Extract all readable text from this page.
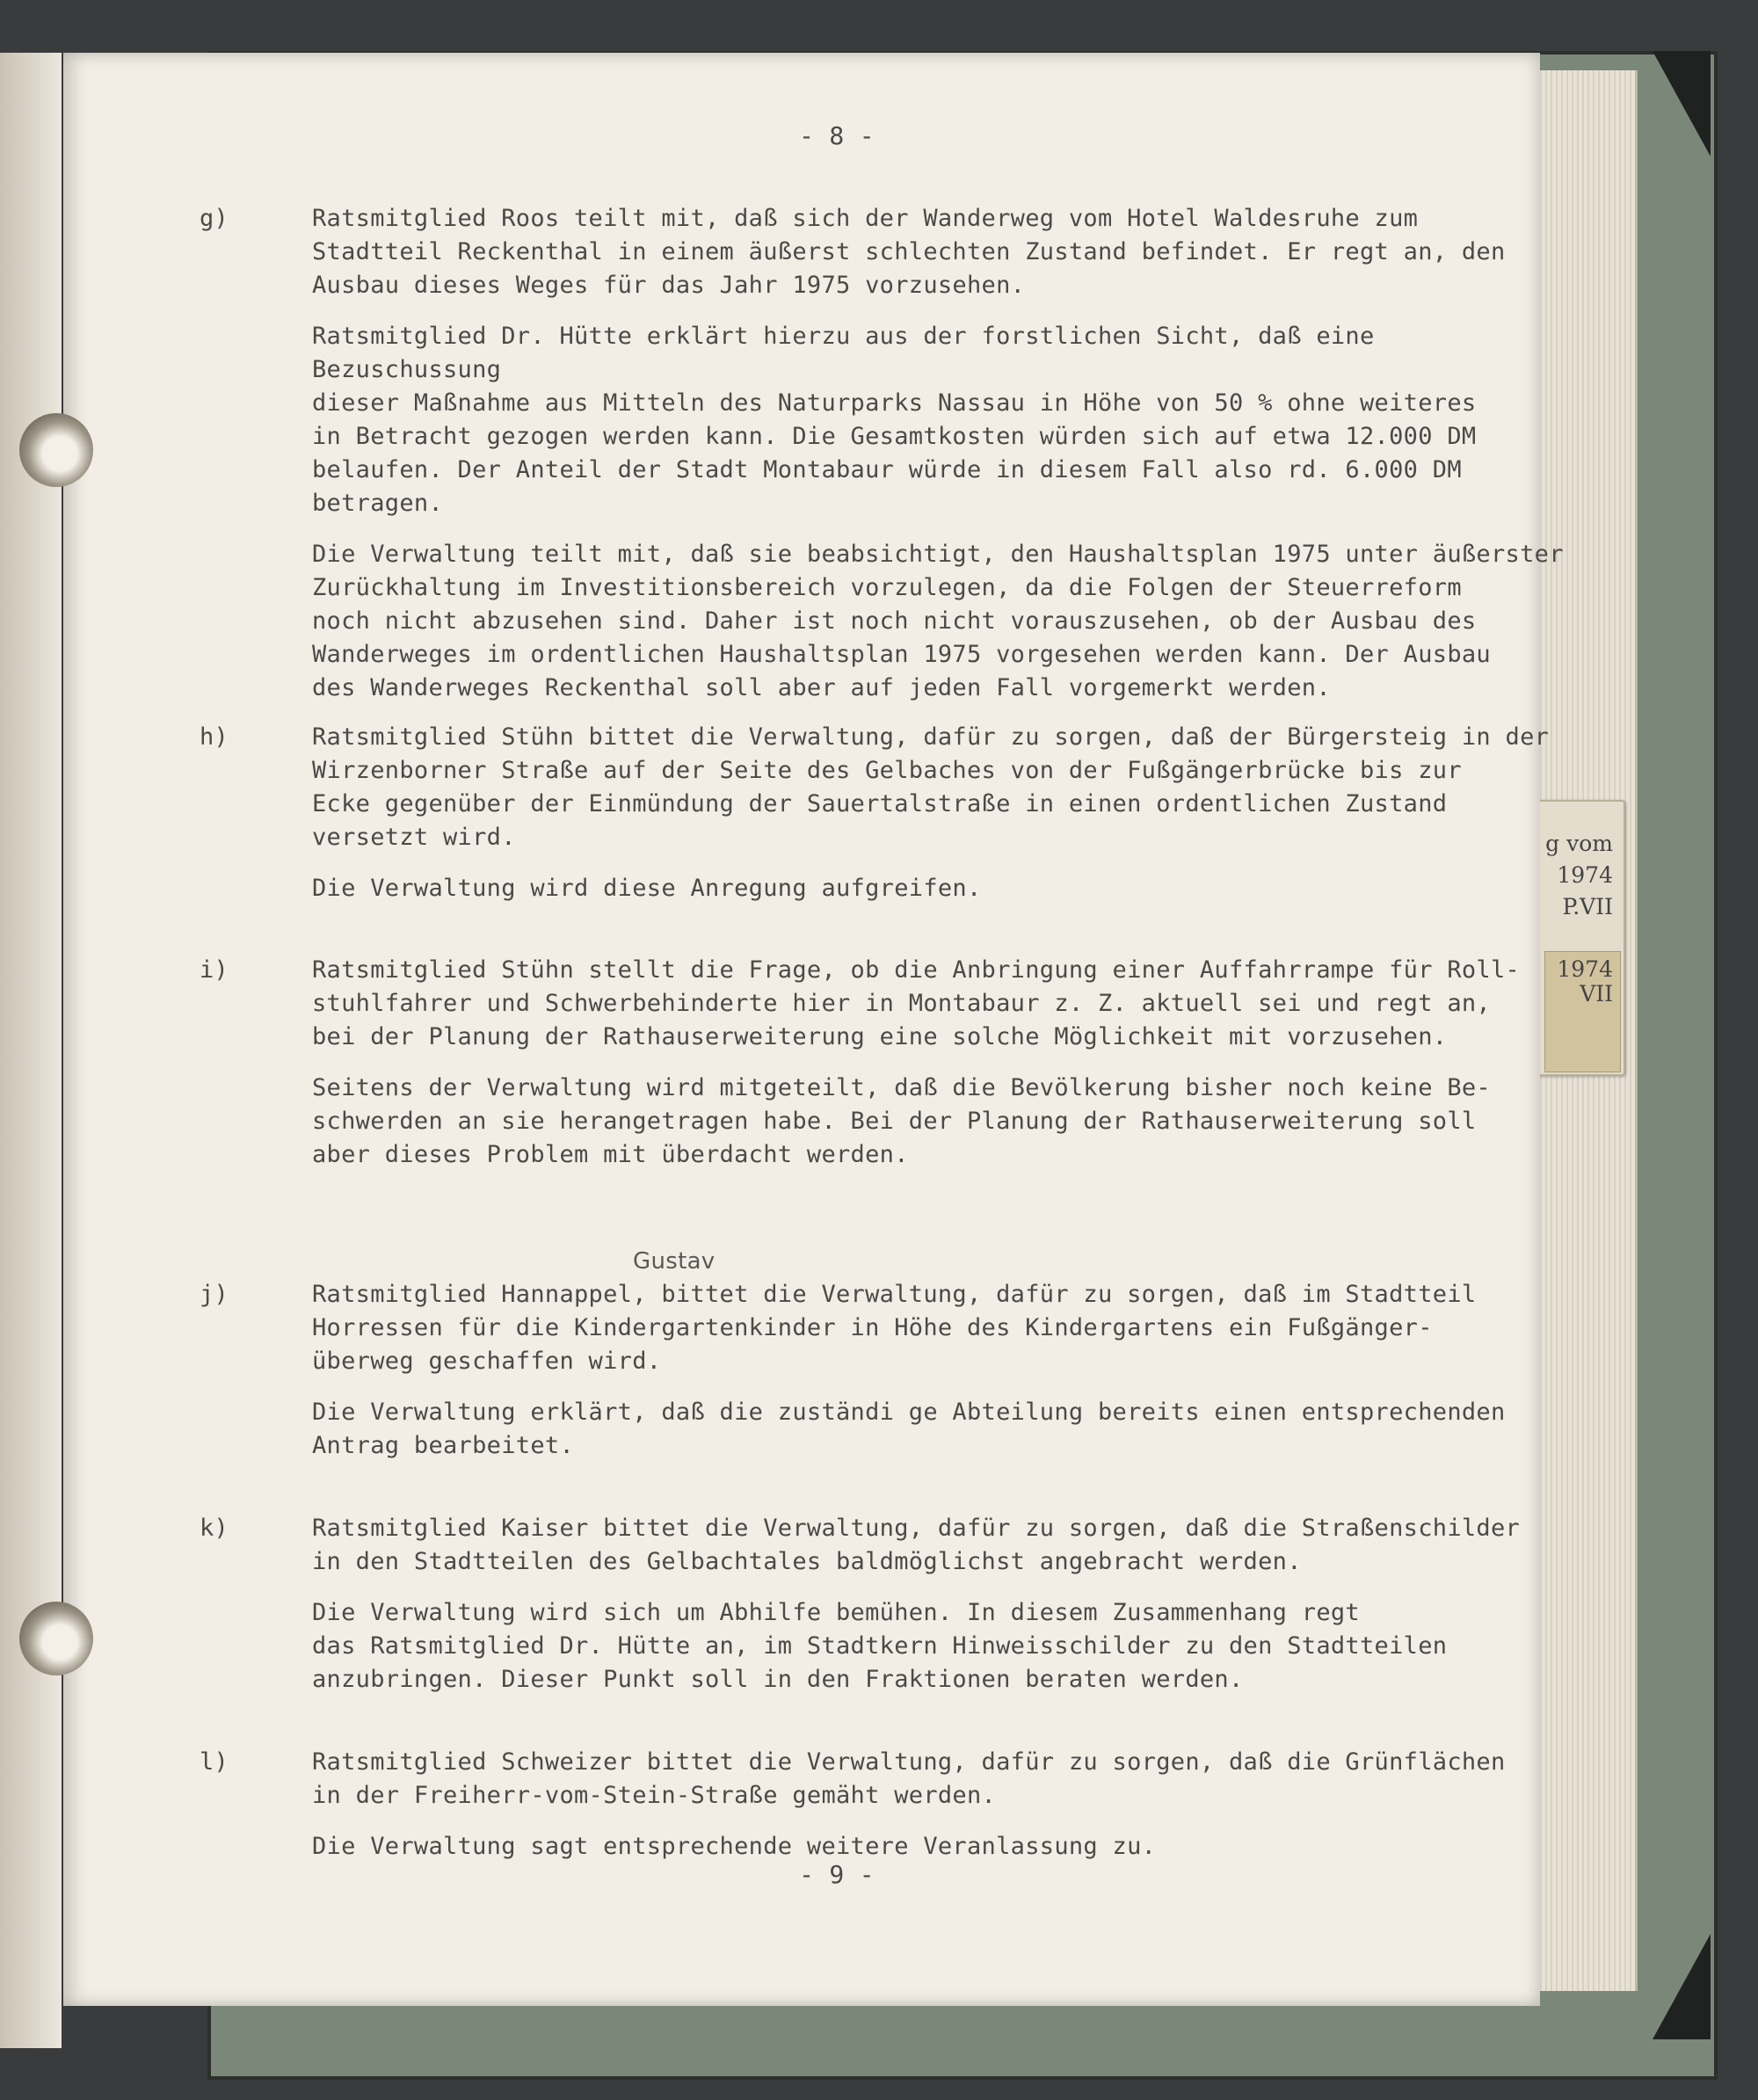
g vom
1974
P.VII
1974
VII

- 8 -

g)	Ratsmitglied Roos teilt mit, daß sich der Wanderweg vom Hotel Waldesruhe zum
Stadtteil Reckenthal in einem äußerst schlechten Zustand befindet. Er regt an, den
Ausbau dieses Weges für das Jahr 1975 vorzusehen.

Ratsmitglied Dr. Hütte erklärt hierzu aus der forstlichen Sicht, daß eine Bezuschussung
dieser Maßnahme aus Mitteln des Naturparks Nassau in Höhe von 50 % ohne weiteres
in Betracht gezogen werden kann. Die Gesamtkosten würden sich auf etwa 12.000 DM
belaufen. Der Anteil der Stadt Montabaur würde in diesem Fall also rd. 6.000 DM
betragen.

Die Verwaltung teilt mit, daß sie beabsichtigt, den Haushaltsplan 1975 unter äußerster
Zurückhaltung im Investitionsbereich vorzulegen, da die Folgen der Steuerreform
noch nicht abzusehen sind. Daher ist noch nicht vorauszusehen, ob der Ausbau des
Wanderweges im ordentlichen Haushaltsplan 1975 vorgesehen werden kann. Der Ausbau
des Wanderweges Reckenthal soll aber auf jeden Fall vorgemerkt werden.

h)	Ratsmitglied Stühn bittet die Verwaltung, dafür zu sorgen, daß der Bürgersteig in der
Wirzenborner Straße auf der Seite des Gelbaches von der Fußgängerbrücke bis zur
Ecke gegenüber der Einmündung der Sauertalstraße in einen ordentlichen Zustand
versetzt wird.

Die Verwaltung wird diese Anregung aufgreifen.

i)	Ratsmitglied Stühn stellt die Frage, ob die Anbringung einer Auffahrrampe für Roll-
stuhlfahrer und Schwerbehinderte hier in Montabaur z. Z. aktuell sei und regt an,
bei der Planung der Rathauserweiterung eine solche Möglichkeit mit vorzusehen.

Seitens der Verwaltung wird mitgeteilt, daß die Bevölkerung bisher noch keine Be-
schwerden an sie herangetragen habe. Bei der Planung der Rathauserweiterung soll
aber dieses Problem mit überdacht werden.

Gustav
j)	Ratsmitglied Hannappel, bittet die Verwaltung, dafür zu sorgen, daß im Stadtteil
Horressen für die Kindergartenkinder in Höhe des Kindergartens ein Fußgänger-
überweg geschaffen wird.

Die Verwaltung erklärt, daß die zuständi ge Abteilung bereits einen entsprechenden
Antrag bearbeitet.

k)	Ratsmitglied Kaiser bittet die Verwaltung, dafür zu sorgen, daß die Straßenschilder
in den Stadtteilen des Gelbachtales baldmöglichst angebracht werden.

Die Verwaltung wird sich um Abhilfe bemühen. In diesem Zusammenhang regt
das Ratsmitglied Dr. Hütte an, im Stadtkern Hinweisschilder zu den Stadtteilen
anzubringen. Dieser Punkt soll in den Fraktionen beraten werden.

l)	Ratsmitglied Schweizer bittet die Verwaltung, dafür zu sorgen, daß die Grünflächen
in der Freiherr-vom-Stein-Straße gemäht werden.

Die Verwaltung sagt entsprechende weitere Veranlassung zu.

- 9 -
